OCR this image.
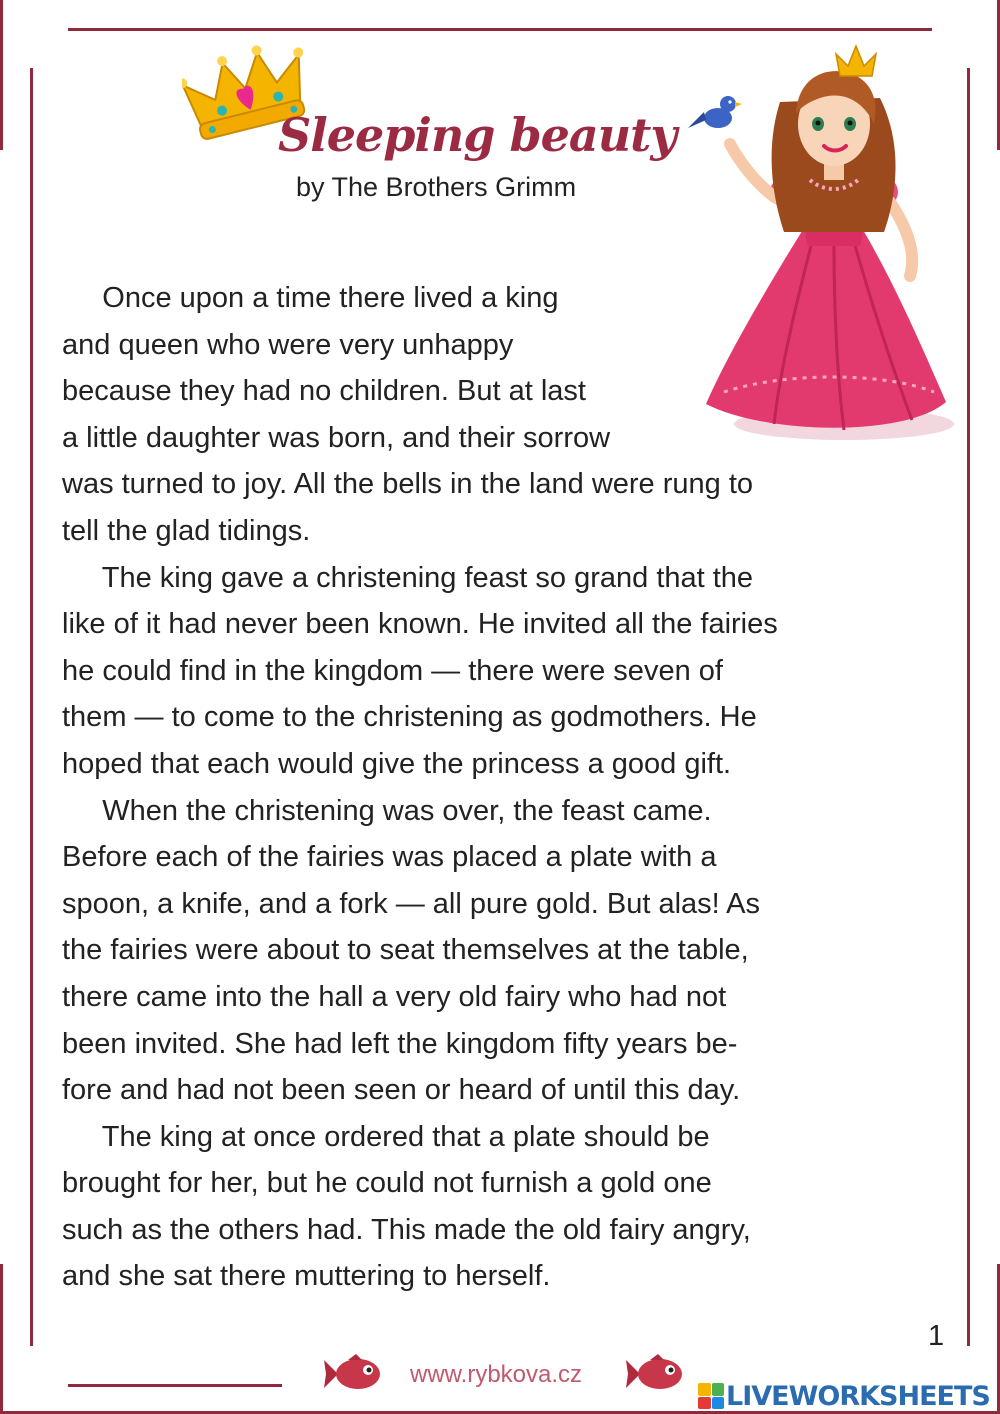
Sleeping beauty
by The Brothers Grimm
Once upon a time there lived a king
and queen who were very unhappy
because they had no children. But at last
a little daughter was born, and their sorrow
was turned to joy. All the bells in the land were rung to
tell the glad tidings.
The king gave a christening feast so grand that the
like of it had never been known. He invited all the fairies
he could find in the kingdom — there were seven of
them — to come to the christening as godmothers. He
hoped that each would give the princess a good gift.
When the christening was over, the feast came.
Before each of the fairies was placed a plate with a
spoon, a knife, and a fork — all pure gold. But alas! As
the fairies were about to seat themselves at the table,
there came into the hall a very old fairy who had not
been invited. She had left the kingdom fifty years be-
fore and had not been seen or heard of until this day.
The king at once ordered that a plate should be
brought for her, but he could not furnish a gold one
such as the others had. This made the old fairy angry,
and she sat there muttering to herself.
1
www.rybkova.cz
LIVEWORKSHEETS
